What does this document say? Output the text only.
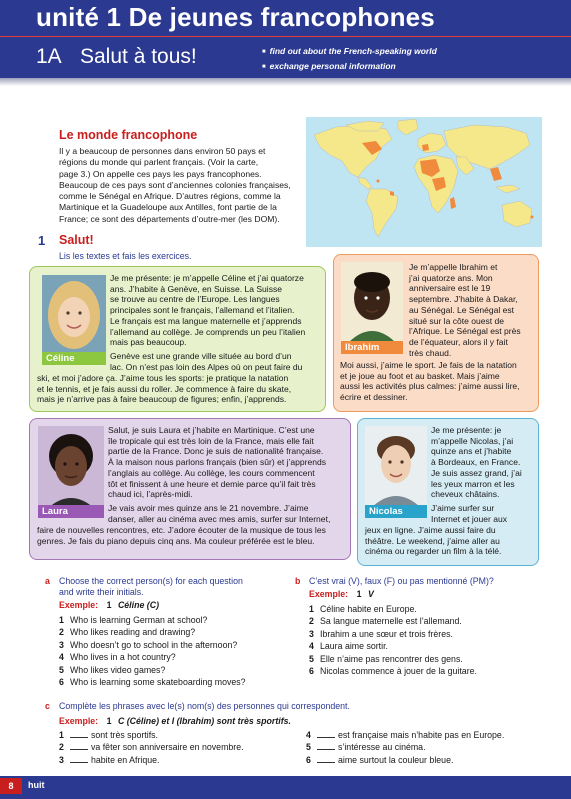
unité 1 De jeunes francophones
1A Salut à tous!
■	find out about the French-speaking world
■ exchange personal information
Le monde francophone
Il y a beaucoup de personnes dans environ 50 pays et
régions du monde qui parlent français. (Voir la carte,
page 3.) On appelle ces pays les pays francophones.
Beaucoup de ces pays sont d’anciennes colonies françaises,
comme le Sénégal en Afrique. D’autres régions, comme la
Martinique et la Guadeloupe aux Antilles, font partie de la
France; ce sont des départements d’outre-mer (les DOM).
1 Salut!
Lis les textes et fais les exercices.
Céline
Je me présente: je m’appelle Céline et j’ai quatorze
ans. J’habite à Genève, en Suisse. La Suisse
se trouve au centre de l’Europe. Les langues
principales sont le français, l’allemand et l’italien.
Le français est ma langue maternelle et j’apprends
l’allemand au collège. Je comprends un peu l’italien
mais pas beaucoup.
Genève est une grande ville située au bord d’un
lac. On n’est pas loin des Alpes où on peut faire du
ski, et moi j’adore ça. J’aime tous les sports: je pratique la natation
et le tennis, et je fais aussi du roller. Je commence à faire du skate,
mais je n’arrive pas à faire beaucoup de figures; enfin, j’apprends.
Ibrahim
Je m’appelle Ibrahim et
j’ai quatorze ans. Mon
anniversaire est le 19
septembre. J’habite à Dakar,
au Sénégal. Le Sénégal est
situé sur la côte ouest de
l’Afrique. Le Sénégal est près
de l’équateur, alors il y fait
très chaud.
Moi aussi, j’aime le sport. Je fais de la natation
et je joue au foot et au basket. Mais j’aime
aussi les activités plus calmes: j’aime aussi lire,
écrire et dessiner.
Laura
Salut, je suis Laura et j’habite en Martinique. C’est une
île tropicale qui est très loin de la France, mais elle fait
partie de la France. Donc je suis de nationalité française.
À la maison nous parlons français (bien sûr) et j’apprends
l’anglais au collège. Au collège, les cours commencent
tôt et finissent à une heure et demie parce qu’il fait très
chaud ici, l’après-midi.
Je vais avoir mes quinze ans le 21 novembre. J’aime
danser, aller au cinéma avec mes amis, surfer sur Internet,
faire de nouvelles rencontres, etc. J’adore écouter de la musique de tous les
genres. Je fais du piano depuis cinq ans. Ma couleur préférée est le bleu.
Nicolas
Je me présente: je
m’appelle Nicolas, j’ai
quinze ans et j’habite
à Bordeaux, en France.
Je suis assez grand, j’ai
les yeux marron et les
cheveux châtains.
J’aime surfer sur
Internet et jouer aux
jeux en ligne. J’aime aussi faire du
théâtre. Le weekend, j’aime aller au
cinéma ou regarder un film à la télé.
a Choose the correct person(s) for each question
and write their initials.
Exemple: 1 Céline (C)
1 Who is learning German at school?
2 Who likes reading and drawing?
3 Who doesn’t go to school in the afternoon?
4 Who lives in a hot country?
5 Who likes video games?
6 Who is learning some skateboarding moves?
b C’est vrai (V), faux (F) ou pas mentionné (PM)?
Exemple: 1 V
1 Céline habite en Europe.
2 Sa langue maternelle est l’allemand.
3 Ibrahim a une sœur et trois frères.
4 Laura aime sortir.
5 Elle n’aime pas rencontrer des gens.
6 Nicolas commence à jouer de la guitare.
c Complète les phrases avec le(s) nom(s) des personnes qui correspondent.
Exemple: 1 C (Céline) et I (Ibrahim) sont très sportifs.
1	sont très sportifs.
2	va fêter son anniversaire en novembre.
3	habite en Afrique.
4	est française mais n’habite pas en Europe.
5	s’intéresse au cinéma.
6	aime surtout la couleur bleue.
8	huit
